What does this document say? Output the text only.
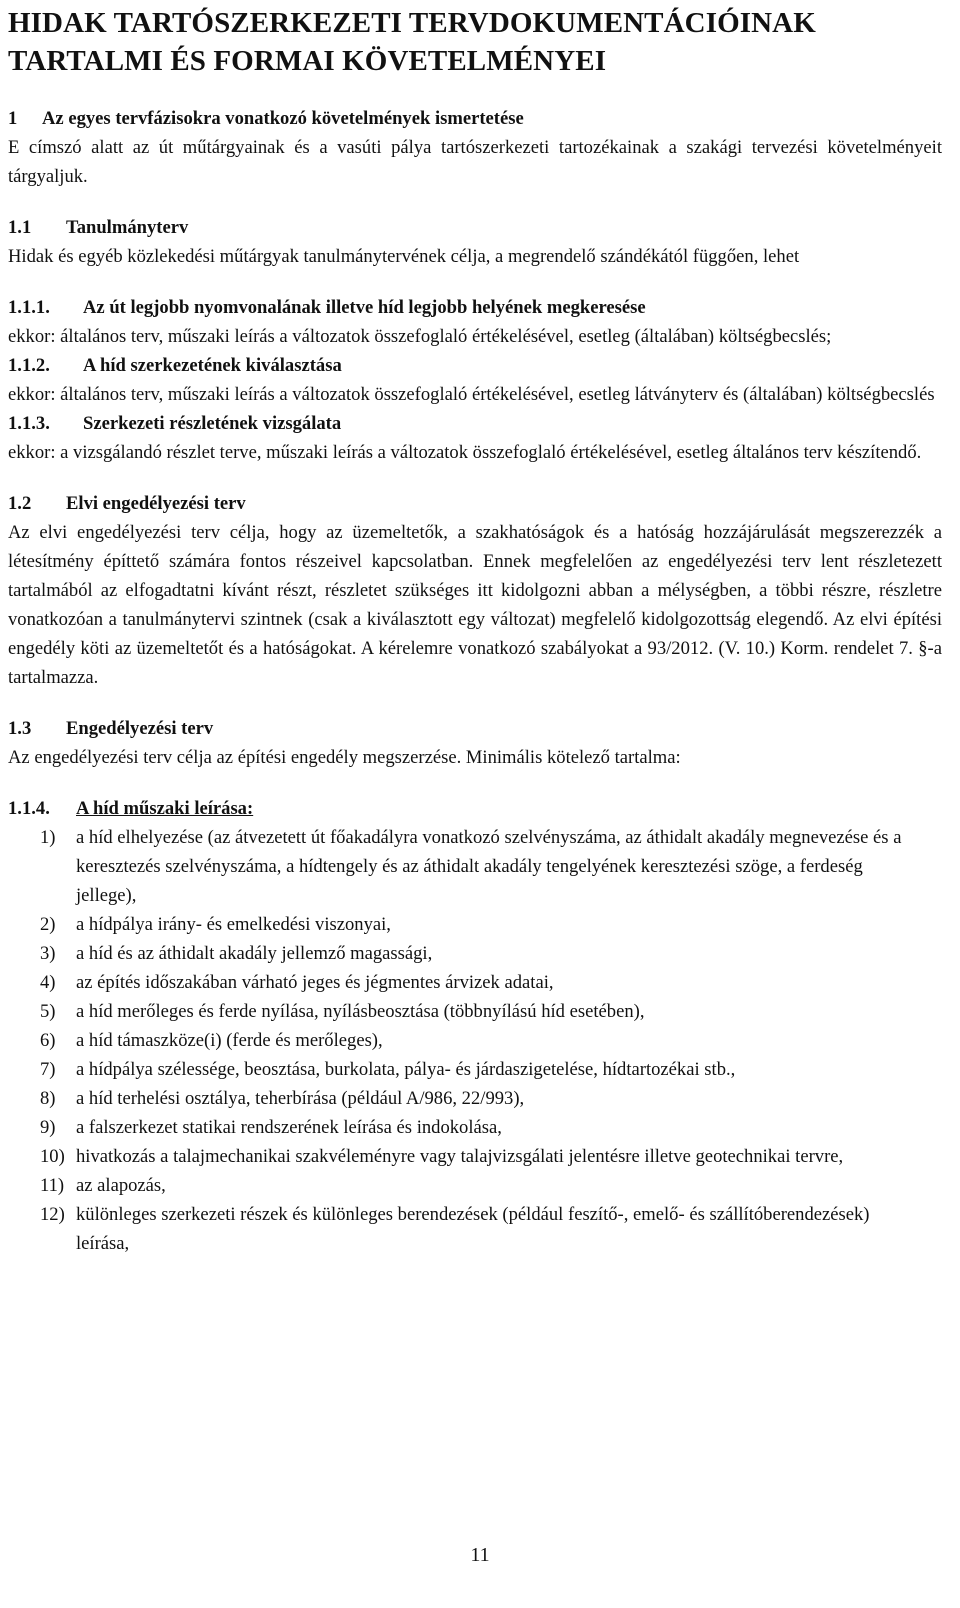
HIDAK TARTÓSZERKEZETI TERVDOKUMENTÁCIÓINAK
TARTALMI ÉS FORMAI KÖVETELMÉNYEI
1 Az egyes tervfázisokra vonatkozó követelmények ismertetése

E címszó alatt az út műtárgyainak és a vasúti pálya tartószerkezeti tartozékainak a szakági tervezési követelményeit tárgyaljuk.

1.1 Tanulmányterv

Hidak és egyéb közlekedési műtárgyak tanulmánytervének célja, a megrendelő szándékától függően, lehet

1.1.1. Az út legjobb nyomvonalának illetve híd legjobb helyének megkeresése

ekkor: általános terv, műszaki leírás a változatok összefoglaló értékelésével, esetleg (általában) költségbecslés;

1.1.2. A híd szerkezetének kiválasztása

ekkor: általános terv, műszaki leírás a változatok összefoglaló értékelésével, esetleg látványterv és (általában) költségbecslés

1.1.3. Szerkezeti részletének vizsgálata

ekkor: a vizsgálandó részlet terve, műszaki leírás a változatok összefoglaló értékelésével, esetleg általános terv készítendő.

1.2 Elvi engedélyezési terv

Az elvi engedélyezési terv célja, hogy az üzemeltetők, a szakhatóságok és a hatóság hozzájárulását megszerezzék a létesítmény építtető számára fontos részeivel kapcsolatban. Ennek megfelelően az engedélyezési terv lent részletezett tartalmából az elfogadtatni kívánt részt, részletet szükséges itt kidolgozni abban a mélységben, a többi részre, részletre vonatkozóan a tanulmánytervi szintnek (csak a kiválasztott egy változat) megfelelő kidolgozottság elegendő. Az elvi építési engedély köti az üzemeltetőt és a hatóságokat. A kérelemre vonatkozó szabályokat a 93/2012. (V. 10.) Korm. rendelet 7. §-a tartalmazza.

1.3 Engedélyezési terv

Az engedélyezési terv célja az építési engedély megszerzése. Minimális kötelező tartalma:

1.1.4. A híd műszaki leírása:
1)	a híd elhelyezése (az átvezetett út főakadályra vonatkozó szelvényszáma, az áthidalt akadály megnevezése és a keresztezés szelvényszáma, a hídtengely és az áthidalt akadály tengelyének keresztezési szöge, a ferdeség jellege),
2)	a hídpálya irány- és emelkedési viszonyai,
3)	a híd és az áthidalt akadály jellemző magassági,
4)	az építés időszakában várható jeges és jégmentes árvizek adatai,
5)	a híd merőleges és ferde nyílása, nyílásbeosztása (többnyílású híd esetében),
6)	a híd támaszköze(i) (ferde és merőleges),
7)	a hídpálya szélessége, beosztása, burkolata, pálya- és járdaszigetelése, hídtartozékai stb.,
8)	a híd terhelési osztálya, teherbírása (például A/986, 22/993),
9)	a falszerkezet statikai rendszerének leírása és indokolása,
10) hivatkozás a talajmechanikai szakvéleményre vagy talajvizsgálati jelentésre illetve geotechnikai tervre,
11) az alapozás,
12) különleges szerkezeti részek és különleges berendezések (például feszítő-, emelő- és szállítóberendezések) leírása,
11
